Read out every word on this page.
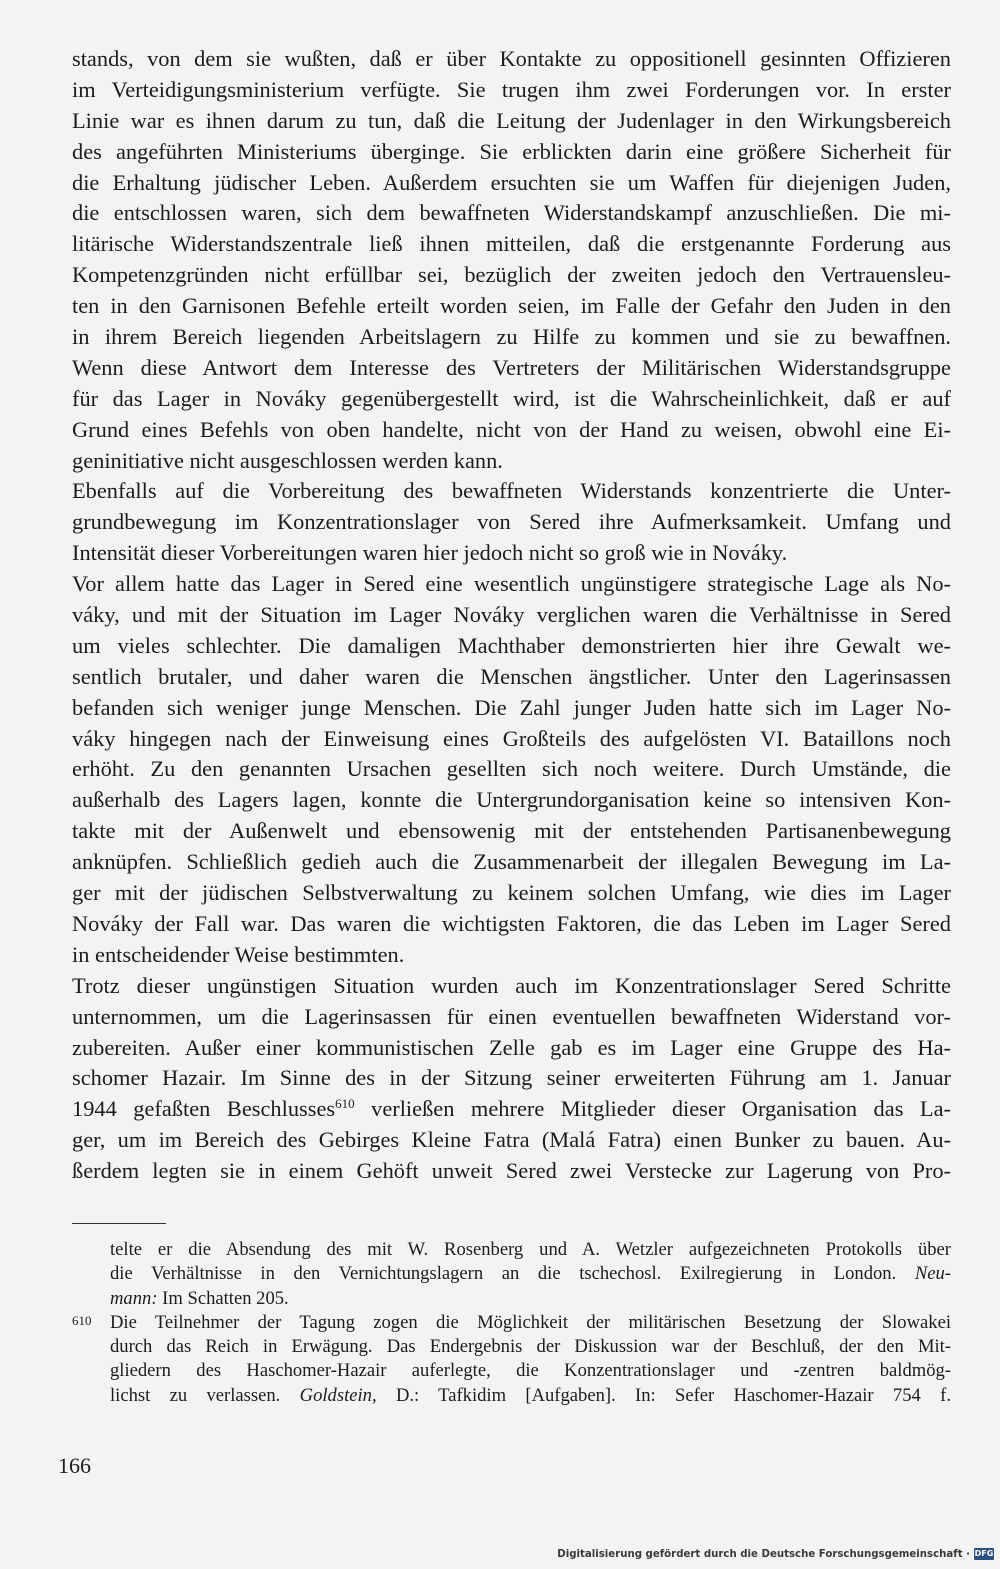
stands, von dem sie wußten, daß er über Kontakte zu oppositionell gesinnten Offizieren
im Verteidigungsministerium verfügte. Sie trugen ihm zwei Forderungen vor. In erster
Linie war es ihnen darum zu tun, daß die Leitung der Judenlager in den Wirkungsbereich
des angeführten Ministeriums überginge. Sie erblickten darin eine größere Sicherheit für
die Erhaltung jüdischer Leben. Außerdem ersuchten sie um Waffen für diejenigen Juden,
die entschlossen waren, sich dem bewaffneten Widerstandskampf anzuschließen. Die mi-
litärische Widerstandszentrale ließ ihnen mitteilen, daß die erstgenannte Forderung aus
Kompetenzgründen nicht erfüllbar sei, bezüglich der zweiten jedoch den Vertrauensleu-
ten in den Garnisonen Befehle erteilt worden seien, im Falle der Gefahr den Juden in den
in ihrem Bereich liegenden Arbeitslagern zu Hilfe zu kommen und sie zu bewaffnen.
Wenn diese Antwort dem Interesse des Vertreters der Militärischen Widerstandsgruppe
für das Lager in Nováky gegenübergestellt wird, ist die Wahrscheinlichkeit, daß er auf
Grund eines Befehls von oben handelte, nicht von der Hand zu weisen, obwohl eine Ei-
geninitiative nicht ausgeschlossen werden kann.
Ebenfalls auf die Vorbereitung des bewaffneten Widerstands konzentrierte die Unter-
grundbewegung im Konzentrationslager von Sered ihre Aufmerksamkeit. Umfang und
Intensität dieser Vorbereitungen waren hier jedoch nicht so groß wie in Nováky.
Vor allem hatte das Lager in Sered eine wesentlich ungünstigere strategische Lage als No-
váky, und mit der Situation im Lager Nováky verglichen waren die Verhältnisse in Sered
um vieles schlechter. Die damaligen Machthaber demonstrierten hier ihre Gewalt we-
sentlich brutaler, und daher waren die Menschen ängstlicher. Unter den Lagerinsassen
befanden sich weniger junge Menschen. Die Zahl junger Juden hatte sich im Lager No-
váky hingegen nach der Einweisung eines Großteils des aufgelösten VI. Bataillons noch
erhöht. Zu den genannten Ursachen gesellten sich noch weitere. Durch Umstände, die
außerhalb des Lagers lagen, konnte die Untergrundorganisation keine so intensiven Kon-
takte mit der Außenwelt und ebensowenig mit der entstehenden Partisanenbewegung
anknüpfen. Schließlich gedieh auch die Zusammenarbeit der illegalen Bewegung im La-
ger mit der jüdischen Selbstverwaltung zu keinem solchen Umfang, wie dies im Lager
Nováky der Fall war. Das waren die wichtigsten Faktoren, die das Leben im Lager Sered
in entscheidender Weise bestimmten.
Trotz dieser ungünstigen Situation wurden auch im Konzentrationslager Sered Schritte
unternommen, um die Lagerinsassen für einen eventuellen bewaffneten Widerstand vor-
zubereiten. Außer einer kommunistischen Zelle gab es im Lager eine Gruppe des Ha-
schomer Hazair. Im Sinne des in der Sitzung seiner erweiterten Führung am 1. Januar
1944 gefaßten Beschlusses$^{610}$ verließen mehrere Mitglieder dieser Organisation das La-
ger, um im Bereich des Gebirges Kleine Fatra (Malá Fatra) einen Bunker zu bauen. Au-
ßerdem legten sie in einem Gehöft unweit Sered zwei Verstecke zur Lagerung von Pro-
telte er die Absendung des mit W. Rosenberg und A. Wetzler aufgezeichneten Protokolls über
die Verhältnisse in den Vernichtungslagern an die tschechosl. Exilregierung in London. Neu-
mann: Im Schatten 205.
610 Die Teilnehmer der Tagung zogen die Möglichkeit der militärischen Besetzung der Slowakei
durch das Reich in Erwägung. Das Endergebnis der Diskussion war der Beschluß, der den Mit-
gliedern des Haschomer-Hazair auferlegte, die Konzentrationslager und -zentren baldmög-
lichst zu verlassen. Goldstein, D.: Tafkidim [Aufgaben]. In: Sefer Haschomer-Hazair 754 f.
166
Digitalisierung gefördert durch die Deutsche Forschungsgemeinschaft · DFG
